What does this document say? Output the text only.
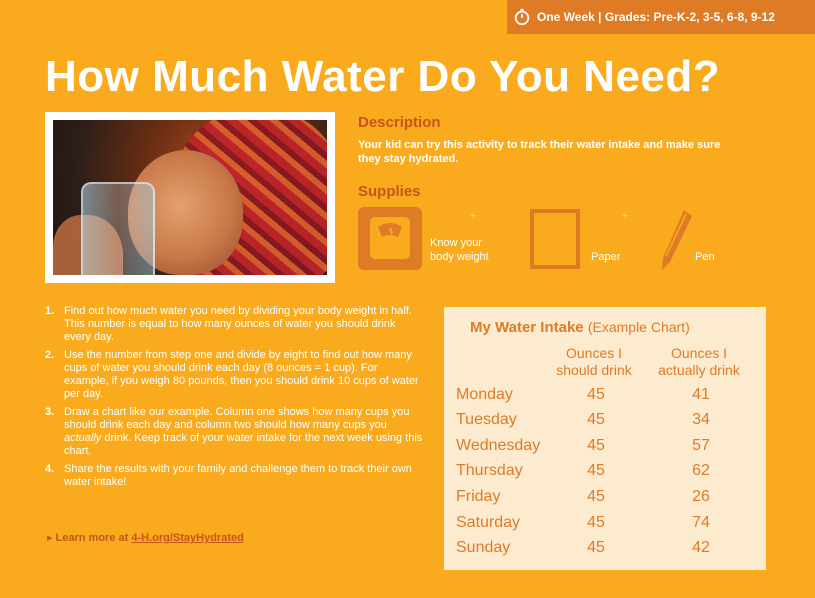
One Week | Grades: Pre-K-2, 3-5, 6-8, 9-12
How Much Water Do You Need?
Description
Your kid can try this activity to track their water intake and make sure they stay hydrated.
Supplies
+
Know your
body weight
+
Paper	Pen
1. Find out how much water you need by dividing your body weight in half. This number is equal to how many ounces of water you should drink every day.
2. Use the number from step one and divide by eight to find out how many cups of water you should drink each day (8 ounces = 1 cup). For example, if you weigh 80 pounds, then you should drink 10 cups of water per day.
3. Draw a chart like our example. Column one shows how many cups you should drink each day and column two should how many cups you actually drink. Keep track of your water intake for the next week using this chart.
4. Share the results with your family and challenge them to track their own water intake!
▸ Learn more at 4-H.org/StayHydrated
My Water Intake (Example Chart)
Ounces I
should drink
Ounces I
actually drink
Monday	45	41
Tuesday	45	34
Wednesday	45	57
Thursday	45	62
Friday	45	26
Saturday	45	74
Sunday	45	42
